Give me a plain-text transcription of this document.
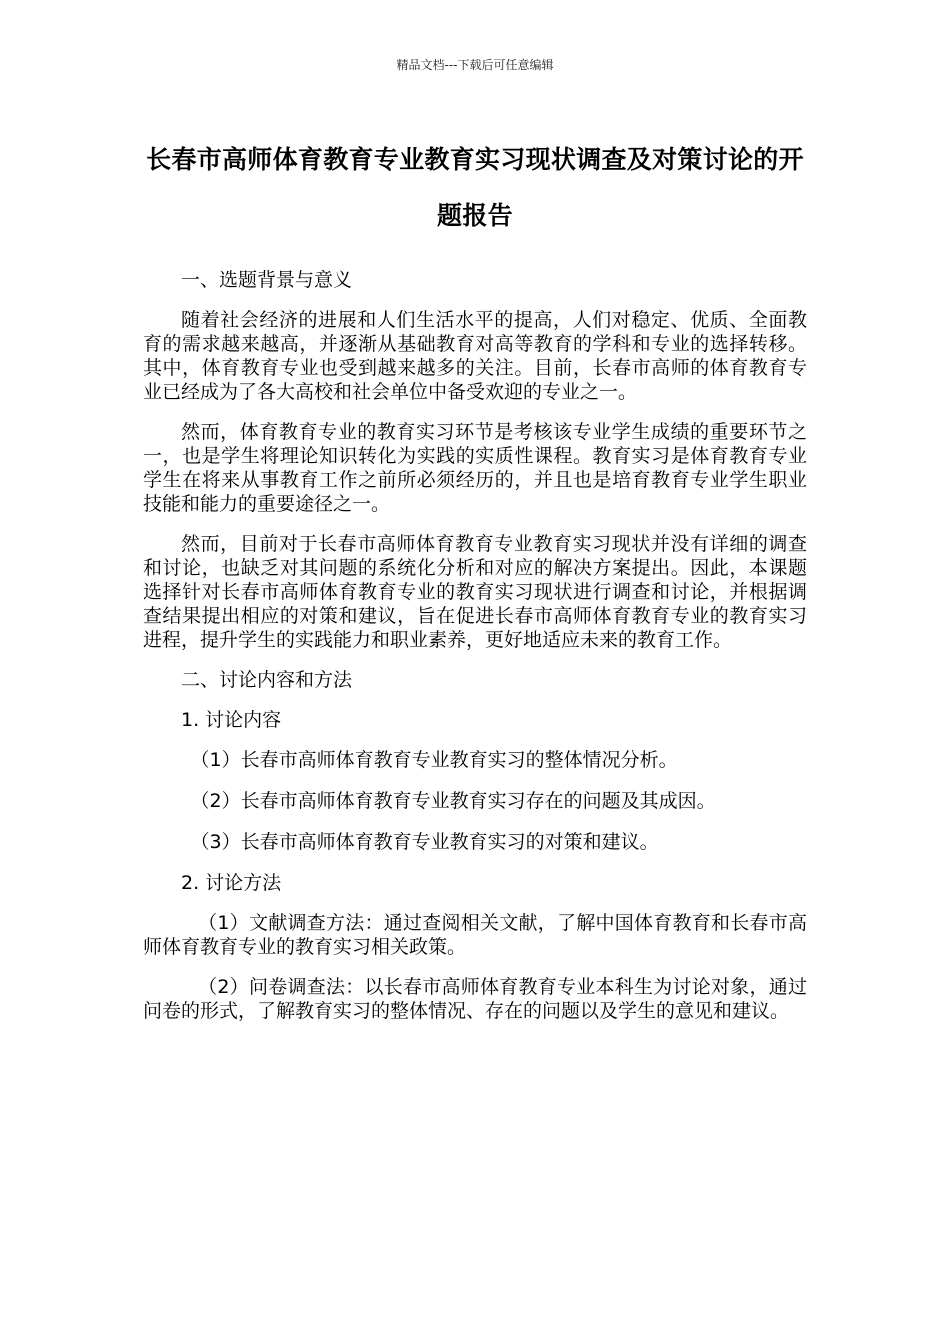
精品文档---下载后可任意编辑
长春市高师体育教育专业教育实习现状调查及对策讨论的开题报告

一、选题背景与意义

随着社会经济的进展和人们生活水平的提高，人们对稳定、优质、全面教育的需求越来越高，并逐渐从基础教育对高等教育的学科和专业的选择转移。其中，体育教育专业也受到越来越多的关注。目前，长春市高师的体育教育专业已经成为了各大高校和社会单位中备受欢迎的专业之一。

然而，体育教育专业的教育实习环节是考核该专业学生成绩的重要环节之一，也是学生将理论知识转化为实践的实质性课程。教育实习是体育教育专业学生在将来从事教育工作之前所必须经历的，并且也是培育教育专业学生职业技能和能力的重要途径之一。

然而，目前对于长春市高师体育教育专业教育实习现状并没有详细的调查和讨论，也缺乏对其问题的系统化分析和对应的解决方案提出。因此，本课题选择针对长春市高师体育教育专业的教育实习现状进行调查和讨论，并根据调查结果提出相应的对策和建议，旨在促进长春市高师体育教育专业的教育实习进程，提升学生的实践能力和职业素养，更好地适应未来的教育工作。

二、讨论内容和方法

1. 讨论内容

（1）长春市高师体育教育专业教育实习的整体情况分析。

（2）长春市高师体育教育专业教育实习存在的问题及其成因。

（3）长春市高师体育教育专业教育实习的对策和建议。

2. 讨论方法

（1）文献调查方法：通过查阅相关文献，了解中国体育教育和长春市高师体育教育专业的教育实习相关政策。

（2）问卷调查法：以长春市高师体育教育专业本科生为讨论对象，通过问卷的形式，了解教育实习的整体情况、存在的问题以及学生的意见和建议。
